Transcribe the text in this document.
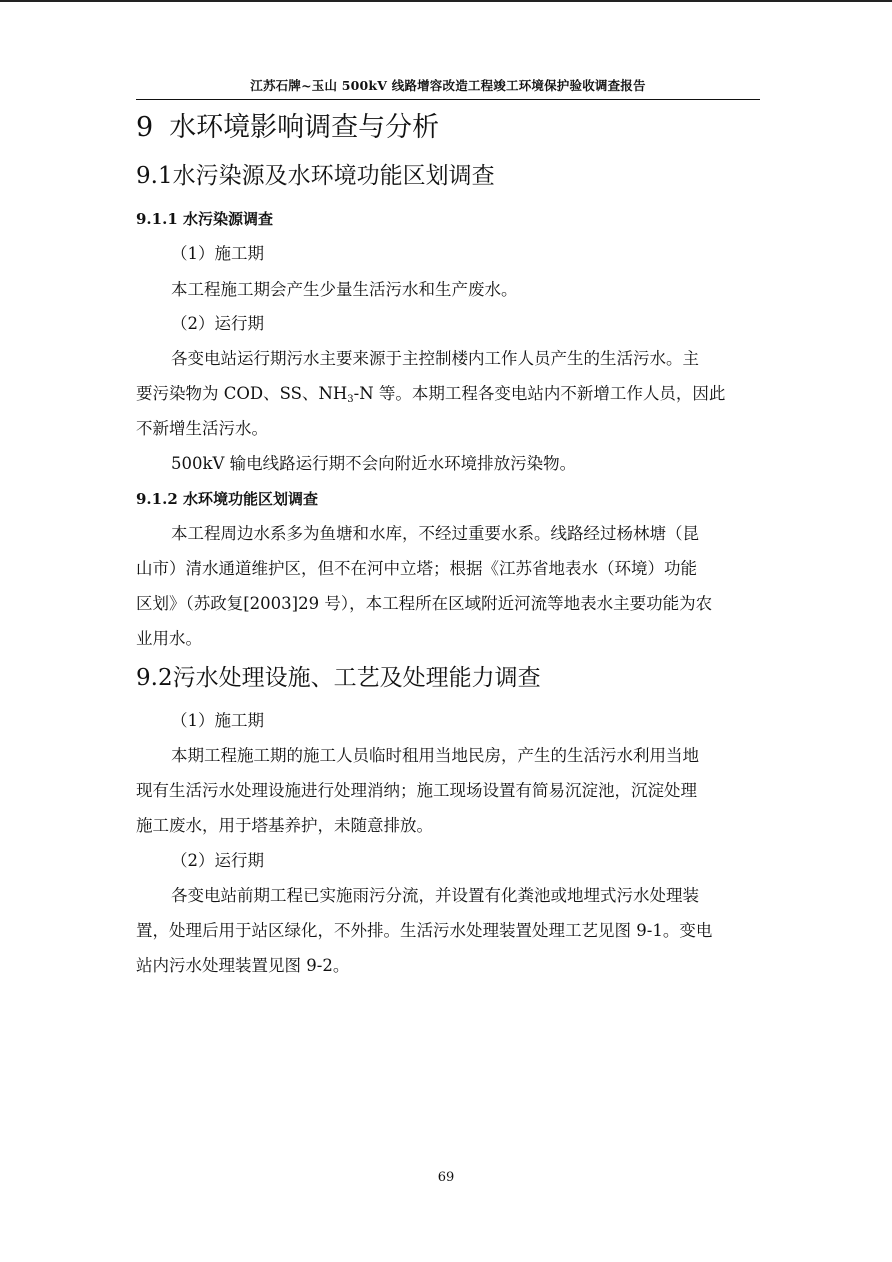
江苏石牌~玉山 500kV 线路增容改造工程竣工环境保护验收调查报告
9 水环境影响调查与分析
9.1水污染源及水环境功能区划调查
9.1.1 水污染源调查
（1）施工期
本工程施工期会产生少量生活污水和生产废水。
（2）运行期
各变电站运行期污水主要来源于主控制楼内工作人员产生的生活污水。主
要污染物为 COD、SS、$NH_3-N$ 等。本期工程各变电站内不新增工作人员，因此
不新增生活污水。
500kV 输电线路运行期不会向附近水环境排放污染物。
9.1.2 水环境功能区划调查
本工程周边水系多为鱼塘和水库，不经过重要水系。线路经过杨林塘（昆
山市）清水通道维护区，但不在河中立塔；根据《江苏省地表水（环境）功能
区划》（苏政复[2003]29 号），本工程所在区域附近河流等地表水主要功能为农
业用水。
9.2污水处理设施、工艺及处理能力调查
（1）施工期
本期工程施工期的施工人员临时租用当地民房，产生的生活污水利用当地
现有生活污水处理设施进行处理消纳；施工现场设置有简易沉淀池，沉淀处理
施工废水，用于塔基养护，未随意排放。
（2）运行期
各变电站前期工程已实施雨污分流，并设置有化粪池或地埋式污水处理装
置，处理后用于站区绿化，不外排。生活污水处理装置处理工艺见图 9-1。变电
站内污水处理装置见图 9-2。
69
